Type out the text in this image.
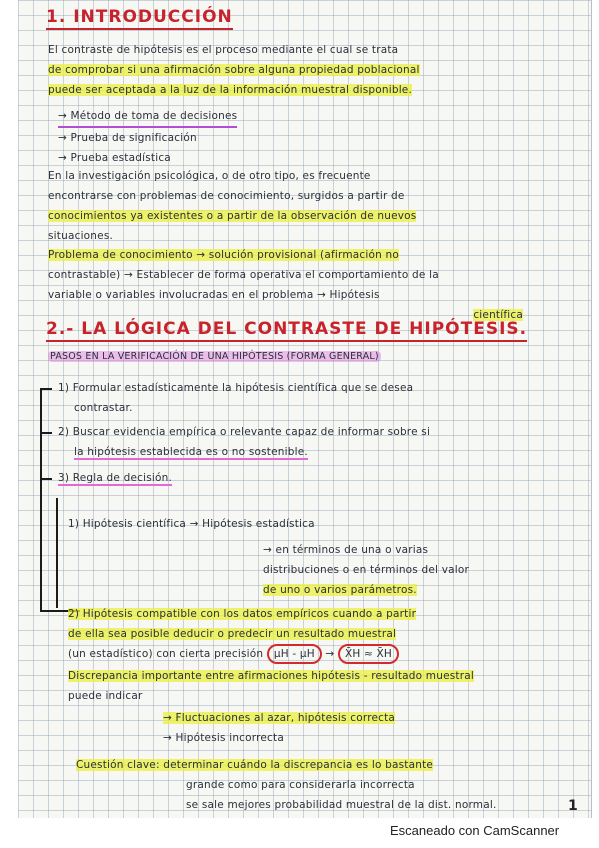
1. INTRODUCCIÓN
El contraste de hipótesis es el proceso mediante el cual se trata
de comprobar si una afirmación sobre alguna propiedad poblacional
puede ser aceptada a la luz de la información muestral disponible.
→ Método de toma de decisiones

→ Prueba de significación
→ Prueba estadística
En la investigación psicológica, o de otro tipo, es frecuente
encontrarse con problemas de conocimiento, surgidos a partir de
conocimientos ya existentes o a partir de la observación de nuevos
situaciones.
Problema de conocimiento → solución provisional (afirmación no
contrastable) → Establecer de forma operativa el comportamiento de la
variable o variables involucradas en el problema → Hipótesis
científica
2.- LA LÓGICA DEL CONTRASTE DE HIPÓTESIS.
PASOS EN LA VERIFICACIÓN DE UNA HIPÓTESIS (FORMA GENERAL)
1) Formular estadísticamente la hipótesis científica que se desea
contrastar.
2) Buscar evidencia empírica o relevante capaz de informar sobre si
la hipótesis establecida es o no sostenible.
3) Regla de decisión.
1) Hipótesis científica → Hipótesis estadística
→ en términos de una o varias
distribuciones o en términos del valor
de uno o varios parámetros.
2) Hipótesis compatible con los datos empíricos cuando a partir
de ella sea posible deducir o predecir un resultado muestral
(un estadístico) con cierta precisión μH - μH → X̄H ≈ X̄H
Discrepancia importante entre afirmaciones hipótesis - resultado muestral
puede indicar
→ Fluctuaciones al azar, hipótesis correcta
→ Hipótesis incorrecta
Cuestión clave: determinar cuándo la discrepancia es lo bastante
grande como para considerarla incorrecta
se sale mejores probabilidad muestral de la dist. normal.	1
Escaneado con CamScanner
